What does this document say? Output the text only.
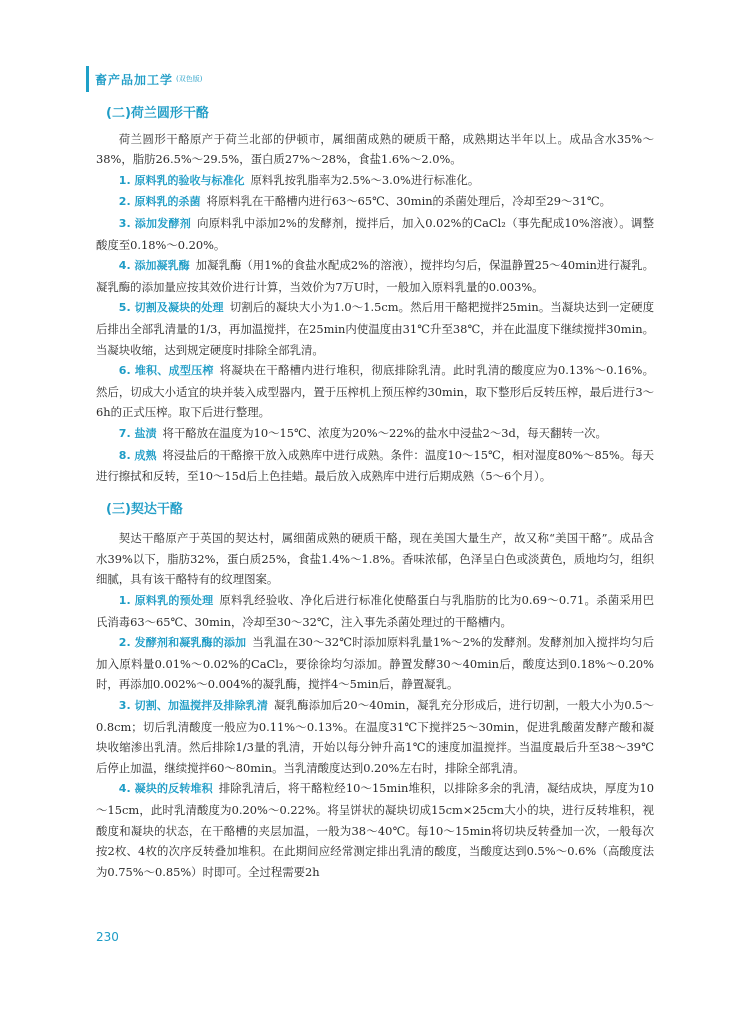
畜产品加工学 (双色版)
(二)荷兰圆形干酪

荷兰圆形干酪原产于荷兰北部的伊顿市，属细菌成熟的硬质干酪，成熟期达半年以上。成品含水35%～38%，脂肪26.5%～29.5%，蛋白质27%～28%，食盐1.6%～2.0%。

1. 原料乳的验收与标准化 原料乳按乳脂率为2.5%～3.0%进行标准化。

2. 原料乳的杀菌 将原料乳在干酪槽内进行63～65℃、30min的杀菌处理后，冷却至29～31℃。

3. 添加发酵剂 向原料乳中添加2%的发酵剂，搅拌后，加入0.02%的CaCl₂（事先配成10%溶液）。调整酸度至0.18%～0.20%。

4. 添加凝乳酶 加凝乳酶（用1%的食盐水配成2%的溶液），搅拌均匀后，保温静置25～40min进行凝乳。凝乳酶的添加量应按其效价进行计算，当效价为7万U时，一般加入原料乳量的0.003%。

5. 切割及凝块的处理 切割后的凝块大小为1.0～1.5cm。然后用干酪耙搅拌25min。当凝块达到一定硬度后排出全部乳清量的1/3，再加温搅拌，在25min内使温度由31℃升至38℃，并在此温度下继续搅拌30min。当凝块收缩，达到规定硬度时排除全部乳清。

6. 堆积、成型压榨 将凝块在干酪槽内进行堆积，彻底排除乳清。此时乳清的酸度应为0.13%～0.16%。然后，切成大小适宜的块并装入成型器内，置于压榨机上预压榨约30min，取下整形后反转压榨，最后进行3～6h的正式压榨。取下后进行整理。

7. 盐渍 将干酪放在温度为10～15℃、浓度为20%～22%的盐水中浸盐2～3d，每天翻转一次。

8. 成熟 将浸盐后的干酪擦干放入成熟库中进行成熟。条件：温度10～15℃，相对湿度80%～85%。每天进行擦拭和反转，至10～15d后上色挂蜡。最后放入成熟库中进行后期成熟（5～6个月）。

(三)契达干酪

契达干酪原产于英国的契达村，属细菌成熟的硬质干酪，现在美国大量生产，故又称“美国干酪”。成品含水39%以下，脂肪32%，蛋白质25%，食盐1.4%～1.8%。香味浓郁，色泽呈白色或淡黄色，质地均匀，组织细腻，具有该干酪特有的纹理图案。

1. 原料乳的预处理 原料乳经验收、净化后进行标准化使酪蛋白与乳脂肪的比为0.69～0.71。杀菌采用巴氏消毒63～65℃、30min，冷却至30～32℃，注入事先杀菌处理过的干酪槽内。

2. 发酵剂和凝乳酶的添加 当乳温在30～32℃时添加原料乳量1%～2%的发酵剂。发酵剂加入搅拌均匀后加入原料量0.01%～0.02%的CaCl₂，要徐徐均匀添加。静置发酵30～40min后，酸度达到0.18%～0.20%时，再添加0.002%～0.004%的凝乳酶，搅拌4～5min后，静置凝乳。

3. 切割、加温搅拌及排除乳清 凝乳酶添加后20～40min，凝乳充分形成后，进行切割，一般大小为0.5～0.8cm；切后乳清酸度一般应为0.11%～0.13%。在温度31℃下搅拌25～30min，促进乳酸菌发酵产酸和凝块收缩渗出乳清。然后排除1/3量的乳清，开始以每分钟升高1℃的速度加温搅拌。当温度最后升至38～39℃后停止加温，继续搅拌60～80min。当乳清酸度达到0.20%左右时，排除全部乳清。

4. 凝块的反转堆积 排除乳清后，将干酪粒经10～15min堆积，以排除多余的乳清，凝结成块，厚度为10～15cm，此时乳清酸度为0.20%～0.22%。将呈饼状的凝块切成15cm×25cm大小的块，进行反转堆积，视酸度和凝块的状态，在干酪槽的夹层加温，一般为38～40℃。每10～15min将切块反转叠加一次，一般每次按2枚、4枚的次序反转叠加堆积。在此期间应经常测定排出乳清的酸度，当酸度达到0.5%～0.6%（高酸度法为0.75%～0.85%）时即可。全过程需要2h

230
